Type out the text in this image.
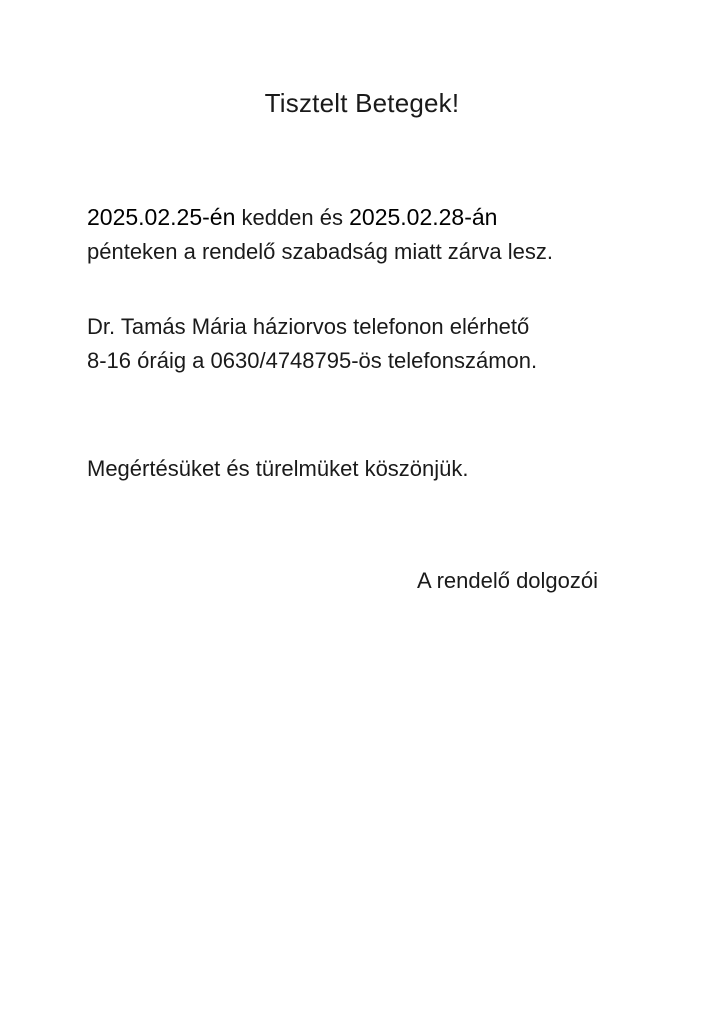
Tisztelt Betegek!
2025.02.25-én kedden és 2025.02.28-án
pénteken a rendelő szabadság miatt zárva lesz.
Dr. Tamás Mária háziorvos telefonon elérhető
8-16 óráig a 0630/4748795-ös telefonszámon.
Megértésüket és türelmüket köszönjük.
A rendelő dolgozói
